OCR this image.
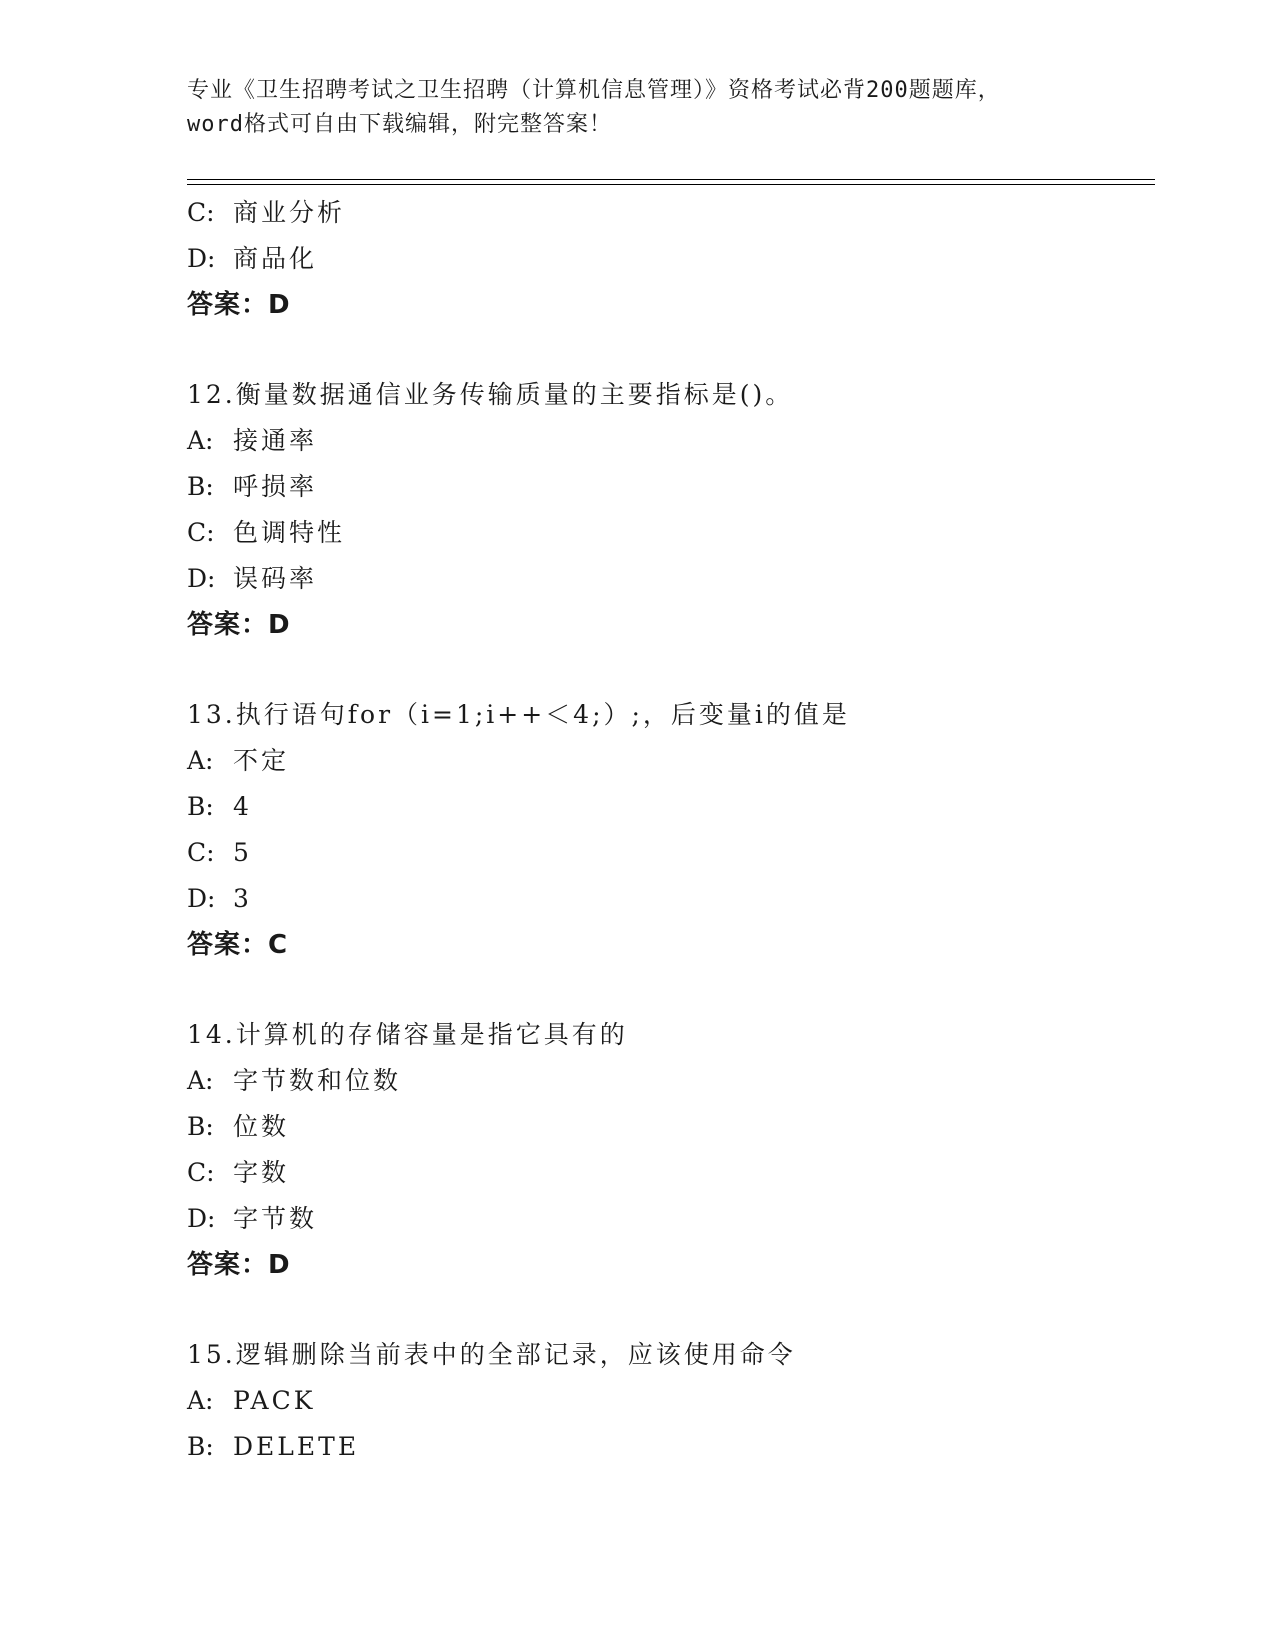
专业《卫生招聘考试之卫生招聘（计算机信息管理）》资格考试必背200题题库，
word格式可自由下载编辑，附完整答案！
C: 商业分析
D: 商品化
答案：D
12.衡量数据通信业务传输质量的主要指标是()。
A: 接通率
B: 呼损率
C: 色调特性
D: 误码率
答案：D
13.执行语句for（i=1;i++＜4;）;，后变量i的值是
A: 不定
B: 4
C: 5
D: 3
答案：C
14.计算机的存储容量是指它具有的
A: 字节数和位数
B: 位数
C: 字数
D: 字节数
答案：D
15.逻辑删除当前表中的全部记录，应该使用命令
A: PACK
B: DELETE
